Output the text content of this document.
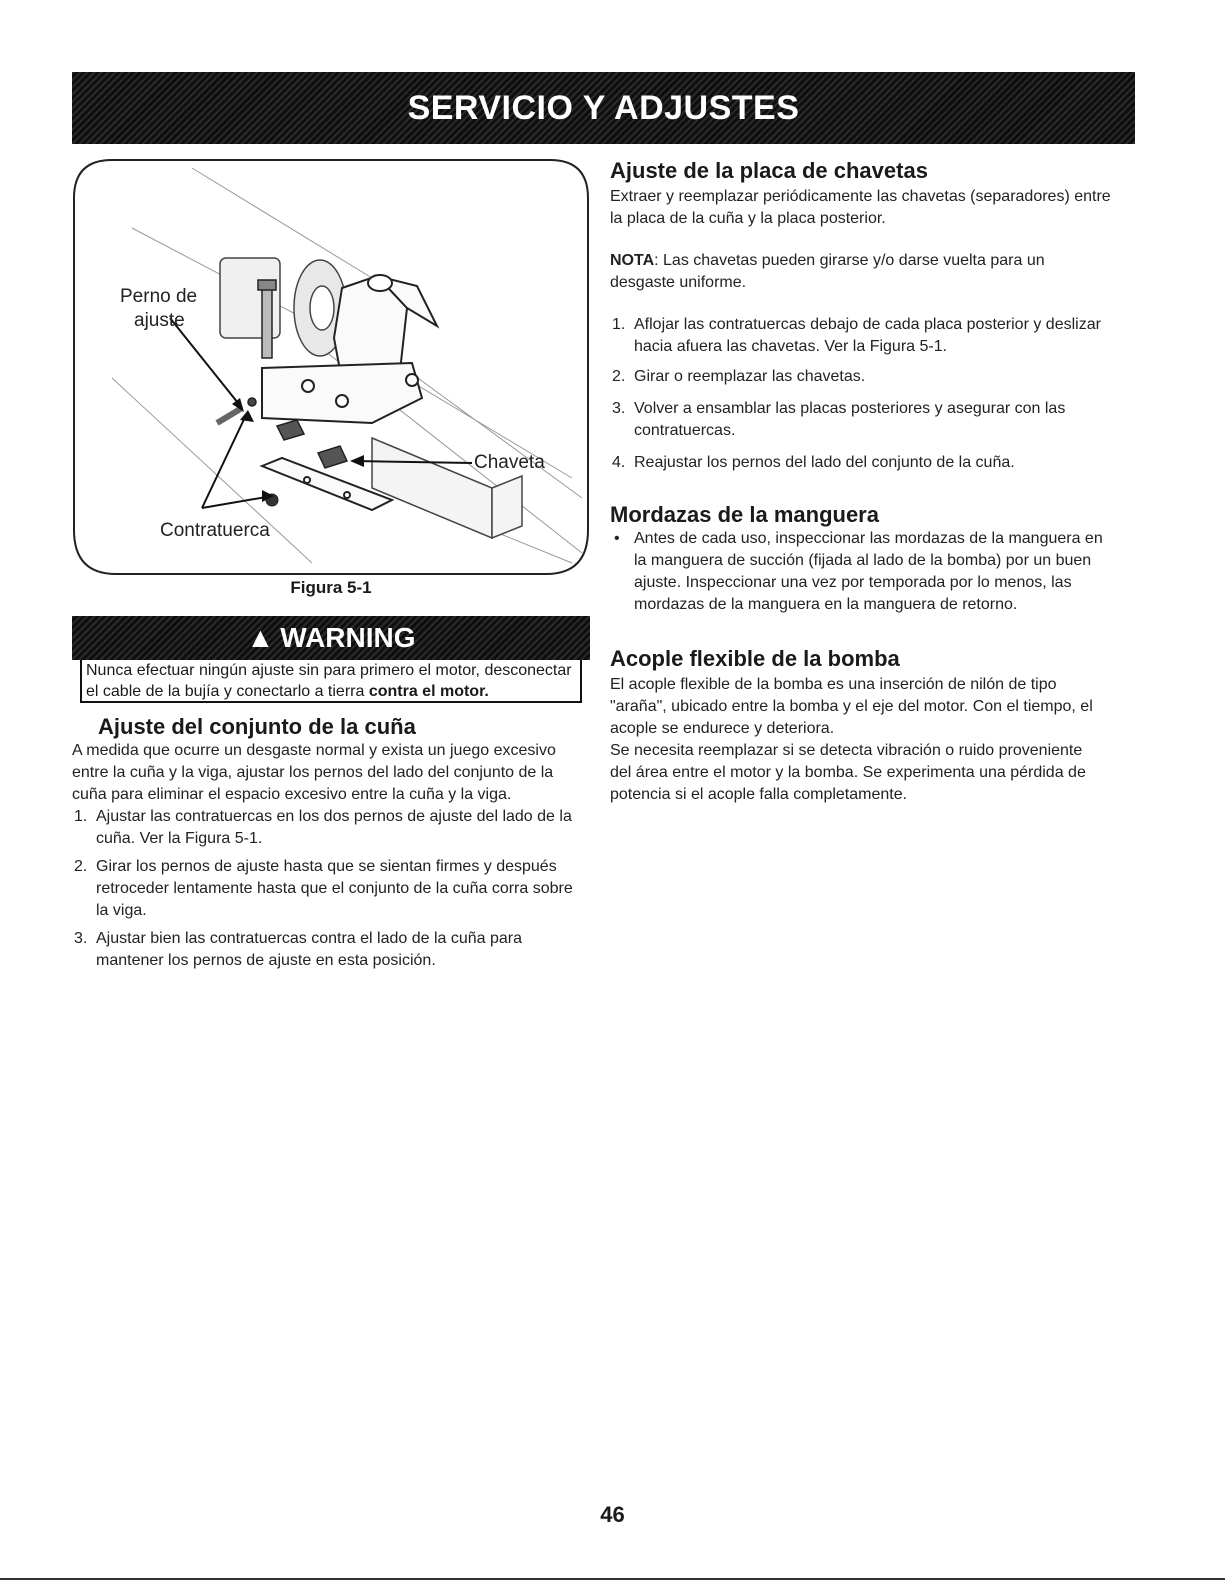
SERVICIO Y ADJUSTES
Perno de
ajuste
Chaveta
Contratuerca
Figura 5-1
▲ WARNING
Nunca efectuar ningún ajuste sin para primero el motor, desconectar
el cable de la bujía y conectarlo a tierra contra el motor.
Ajuste del conjunto de la cuña
A medida que ocurre un desgaste normal y exista un juego excesivo
entre la cuña y la viga, ajustar los pernos del lado del conjunto de la
cuña para eliminar el espacio excesivo entre la cuña y la viga.
1. Ajustar las contratuercas en los dos pernos de ajuste del lado de la
cuña. Ver la Figura 5-1.
2. Girar los pernos de ajuste hasta que se sientan firmes y después
retroceder lentamente hasta que el conjunto de la cuña corra sobre
la viga.
3. Ajustar bien las contratuercas contra el lado de la cuña para
mantener los pernos de ajuste en esta posición.
Ajuste de la placa de chavetas
Extraer y reemplazar periódicamente las chavetas (separadores) entre
la placa de la cuña y la placa posterior.
NOTA: Las chavetas pueden girarse y/o darse vuelta para un
desgaste uniforme.
1. Aflojar las contratuercas debajo de cada placa posterior y deslizar
hacia afuera las chavetas. Ver la Figura 5-1.
2. Girar o reemplazar las chavetas.
3. Volver a ensamblar las placas posteriores y asegurar con las
contratuercas.
4. Reajustar los pernos del lado del conjunto de la cuña.
Mordazas de la manguera
• Antes de cada uso, inspeccionar las mordazas de la manguera en
la manguera de succión (fijada al lado de la bomba) por un buen
ajuste. Inspeccionar una vez por temporada por lo menos, las
mordazas de la manguera en la manguera de retorno.
Acople flexible de la bomba
El acople flexible de la bomba es una inserción de nilón de tipo
"araña", ubicado entre la bomba y el eje del motor. Con el tiempo, el
acople se endurece y deteriora.
Se necesita reemplazar si se detecta vibración o ruido proveniente
del área entre el motor y la bomba. Se experimenta una pérdida de
potencia si el acople falla completamente.
46
